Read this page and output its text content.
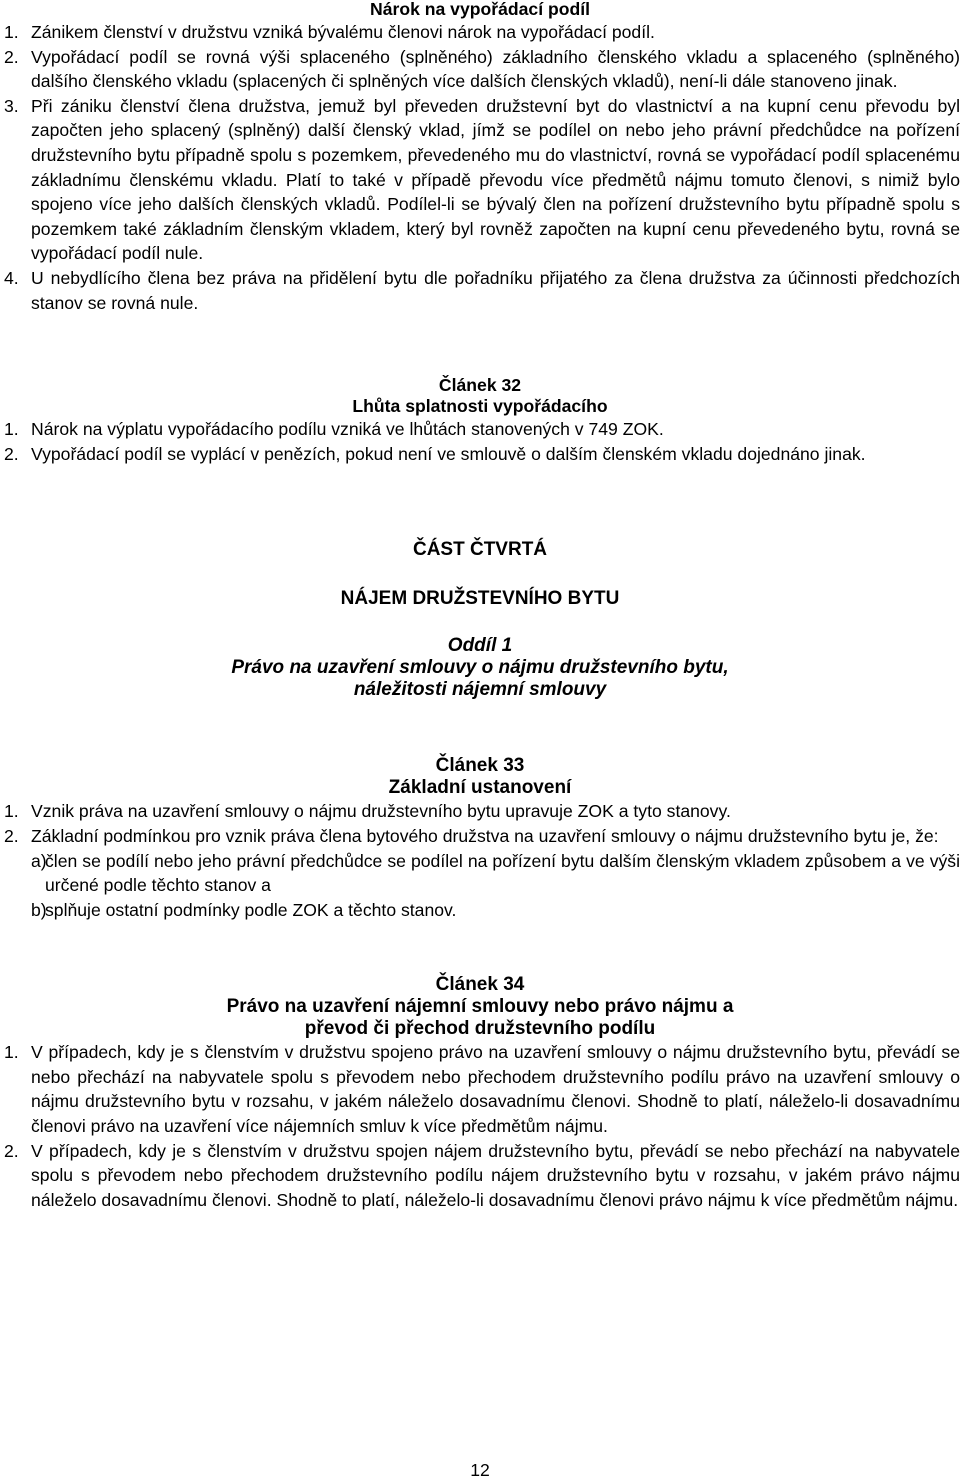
Nárok na vypořádací podíl

1. Zánikem členství v družstvu vzniká bývalému členovi nárok na vypořádací podíl.

2. Vypořádací podíl se rovná výši splaceného (splněného) základního členského vkladu a splaceného (splněného) dalšího členského vkladu (splacených či splněných více dalších členských vkladů), není-li dále stanoveno jinak.

3. Při zániku členství člena družstva, jemuž byl převeden družstevní byt do vlastnictví a na kupní cenu převodu byl započten jeho splacený (splněný) další členský vklad, jímž se podílel on nebo jeho právní předchůdce na pořízení družstevního bytu případně spolu s pozemkem, převedeného mu do vlastnictví, rovná se vypořádací podíl splacenému základnímu členskému vkladu. Platí to také v případě převodu více předmětů nájmu tomuto členovi, s nimiž bylo spojeno více jeho dalších členských vkladů. Podílel-li se bývalý člen na pořízení družstevního bytu případně spolu s pozemkem také základním členským vkladem, který byl rovněž započten na kupní cenu převedeného bytu, rovná se vypořádací podíl nule.

4. U nebydlícího člena bez práva na přidělení bytu dle pořadníku přijatého za člena družstva za účinnosti předchozích stanov se rovná nule.

Článek 32

Lhůta splatnosti vypořádacího

1. Nárok na výplatu vypořádacího podílu vzniká ve lhůtách stanovených v 749 ZOK.

2. Vypořádací podíl se vyplácí v penězích, pokud není ve smlouvě o dalším členském vkladu dojednáno jinak.

ČÁST ČTVRTÁ

NÁJEM DRUŽSTEVNÍHO BYTU

Oddíl 1

Právo na uzavření smlouvy o nájmu družstevního bytu,

náležitosti nájemní smlouvy

Článek 33

Základní ustanovení

1. Vznik práva na uzavření smlouvy o nájmu družstevního bytu upravuje ZOK a tyto stanovy.

2. Základní podmínkou pro vznik práva člena bytového družstva na uzavření smlouvy o nájmu družstevního bytu je, že:

a)
člen se podílí nebo jeho právní předchůdce se podílel na pořízení bytu dalším členským vkladem způsobem a ve výši určené podle těchto stanov a

b)
splňuje ostatní podmínky podle ZOK a těchto stanov.

Článek 34

Právo na uzavření nájemní smlouvy nebo právo nájmu a

převod či přechod družstevního podílu

1. V případech, kdy je s členstvím v družstvu spojeno právo na uzavření smlouvy o nájmu družstevního bytu, převádí se nebo přechází na nabyvatele spolu s převodem nebo přechodem družstevního podílu právo na uzavření smlouvy o nájmu družstevního bytu v rozsahu, v jakém náleželo dosavadnímu členovi. Shodně to platí, náleželo-li dosavadnímu členovi právo na uzavření více nájemních smluv k více předmětům nájmu.

2. V případech, kdy je s členstvím v družstvu spojen nájem družstevního bytu, převádí se nebo přechází na nabyvatele spolu s převodem nebo přechodem družstevního podílu nájem družstevního bytu v rozsahu, v jakém právo nájmu náleželo dosavadnímu členovi. Shodně to platí, náleželo-li dosavadnímu členovi právo nájmu k více předmětům nájmu.

12
